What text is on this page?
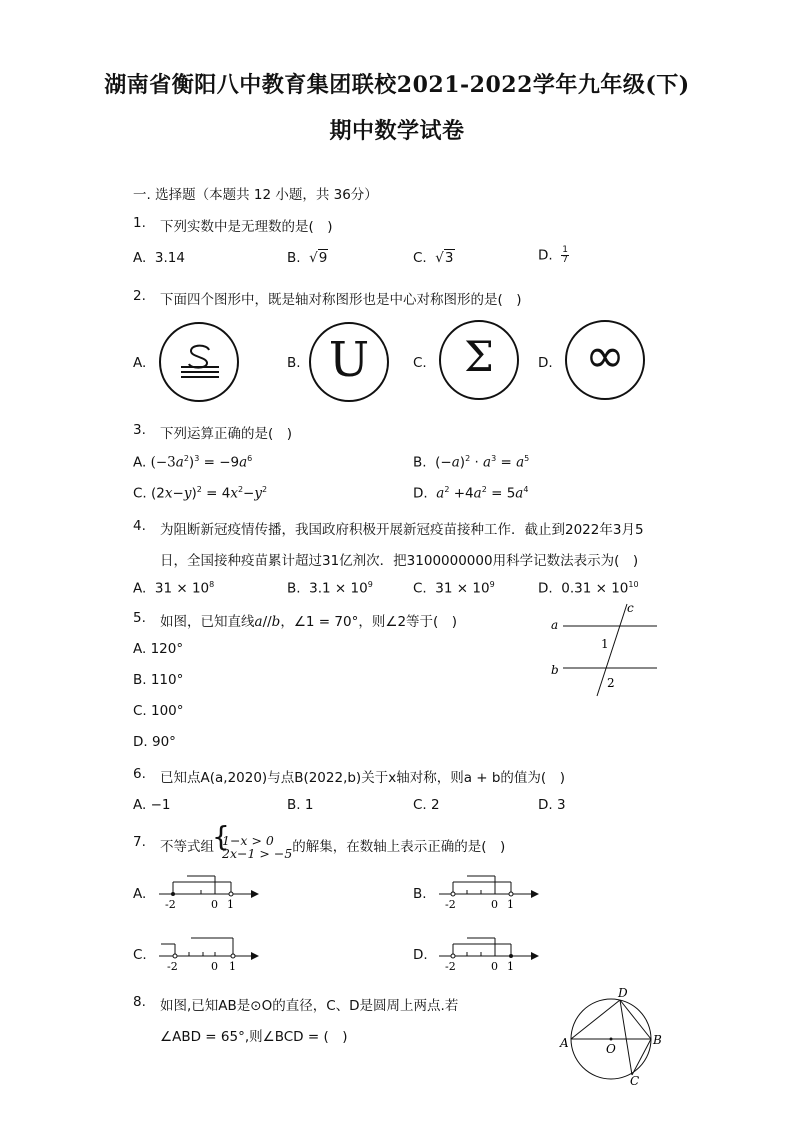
湖南省衡阳八中教育集团联校2021-2022学年九年级(下)
期中数学试卷
一. 选择题（本题共 12 小题，共 36分）
1. 下列实数中是无理数的是(　)
A. 3.14	B.  √9	C.  √3	D. $\frac{1}{7}$
2. 下面四个图形中，既是轴对称图形也是中心对称图形的是(　)
A.	B. U	C. Σ	D. ∞
3. 下列运算正确的是(　)
A. $(-3a^2)^3 = -9a^6$	B.  $(-a)^2 \cdot a^3 = a^5$
C. $(2x-y)^2 = 4x^2-y^2$	D. $a^2 +4a^2 = 5a^4$
4. 为阻断新冠疫情传播，我国政府积极开展新冠疫苗接种工作．截止到2022年3月5
日，全国接种疫苗累计超过31亿剂次．把3100000000用科学记数法表示为(　)
A.  $31 \times 10^8$	B.  $3.1 \times 10^9$	C.  $31 \times 10^9$	D.  $0.31 \times 10^{10}$
5. 如图，已知直线a//b，∠1 = 70°，则∠2等于(　)
A. 120°
B. 110°
C. 100°
D. 90°
a
b
c
1
2
6. 已知点A(a,2020)与点B(2022,b)关于x轴对称，则a + b的值为(　)
A. −1	B. 1	C. 2	D. 3
7. 不等式组
{
1−x > 0
2x−1 > −5 的解集，在数轴上表示正确的是(　)
A.
-2	0 1
B.
-2	0 1
C.
-2	0 1
D.
-2	0 1
8. 如图,已知AB是⊙O的直径，C、D是圆周上两点.若
∠ABD = 65°,则∠BCD = (　)	A	B
C
D
O
